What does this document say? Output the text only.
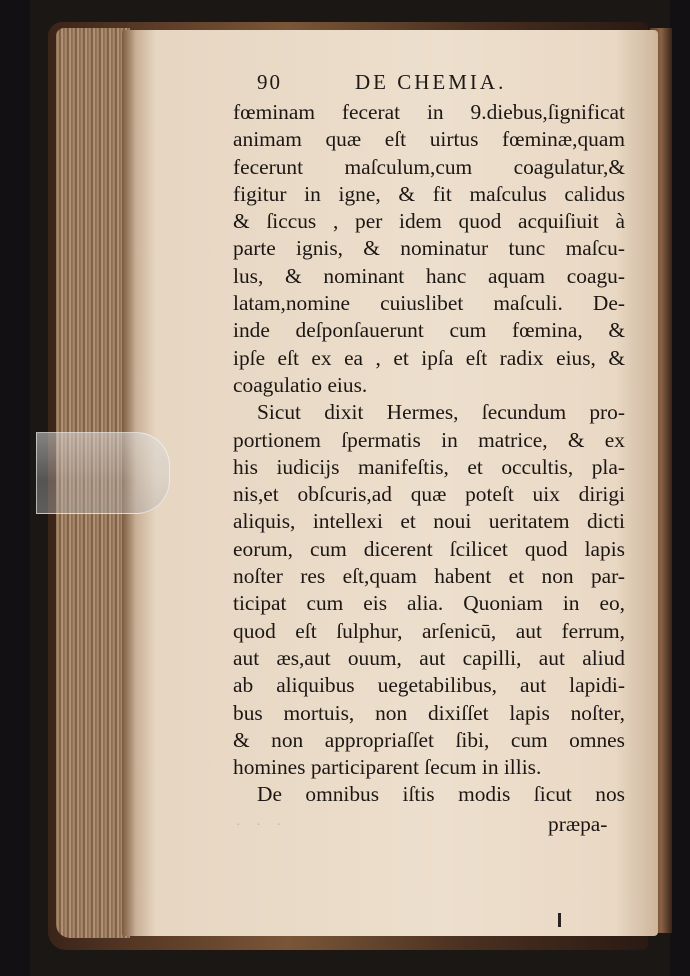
90	DE CHEMIA.
fœminam fecerat in 9.diebus,ſignificat
animam quæ eſt uirtus fœminæ,quam
fecerunt maſculum,cum coagulatur,&
figitur in igne, & fit maſculus calidus
& ſiccus , per idem quod acquiſiuit à
parte ignis, & nominatur tunc maſcu-
lus, & nominant hanc aquam coagu-
latam,nomine cuiuslibet maſculi. De-
inde deſponſauerunt cum fœmina, &
ipſe eſt ex ea , et ipſa eſt radix eius, &
coagulatio eius.
Sicut dixit Hermes, ſecundum pro-
portionem ſpermatis in matrice, & ex
his iudicijs manifeſtis, et occultis, pla-
nis,et obſcuris,ad quæ poteſt uix dirigi
aliquis, intellexi et noui ueritatem dicti
eorum, cum dicerent ſcilicet quod lapis
noſter res eſt,quam habent et non par-
ticipat cum eis alia. Quoniam in eo,
quod eſt ſulphur, arſenicū, aut ferrum,
aut æs,aut ouum, aut capilli, aut aliud
ab aliquibus uegetabilibus, aut lapidi-
bus mortuis, non dixiſſet lapis noſter,
& non appropriaſſet ſibi, cum omnes
homines participarent ſecum in illis.
De omnibus iſtis modis ſicut nos
· · ·	præpa-
